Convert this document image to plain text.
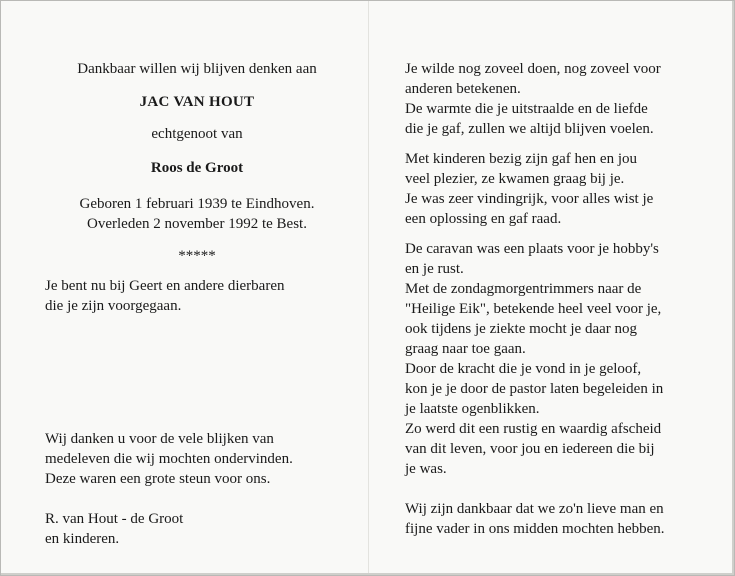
Dankbaar willen wij blijven denken aan

JAC VAN HOUT

echtgenoot van

Roos de Groot

Geboren 1 februari 1939 te Eindhoven.

Overleden 2 november 1992 te Best.

*****

Je bent nu bij Geert en andere dierbaren

die je zijn voorgegaan.

Wij danken u voor de vele blijken van

medeleven die wij mochten ondervinden.

Deze waren een grote steun voor ons.

R. van Hout - de Groot

en kinderen.

Je wilde nog zoveel doen, nog zoveel voor

anderen betekenen.

De warmte die je uitstraalde en de liefde

die je gaf, zullen we altijd blijven voelen.

Met kinderen bezig zijn gaf hen en jou

veel plezier, ze kwamen graag bij je.

Je was zeer vindingrijk, voor alles wist je

een oplossing en gaf raad.

De caravan was een plaats voor je hobby's

en je rust.

Met de zondagmorgentrimmers naar de

"Heilige Eik", betekende heel veel voor je,

ook tijdens je ziekte mocht je daar nog

graag naar toe gaan.

Door de kracht die je vond in je geloof,

kon je je door de pastor laten begeleiden in

je laatste ogenblikken.

Zo werd dit een rustig en waardig afscheid

van dit leven, voor jou en iedereen die bij

je was.

Wij zijn dankbaar dat we zo'n lieve man en

fijne vader in ons midden mochten hebben.
